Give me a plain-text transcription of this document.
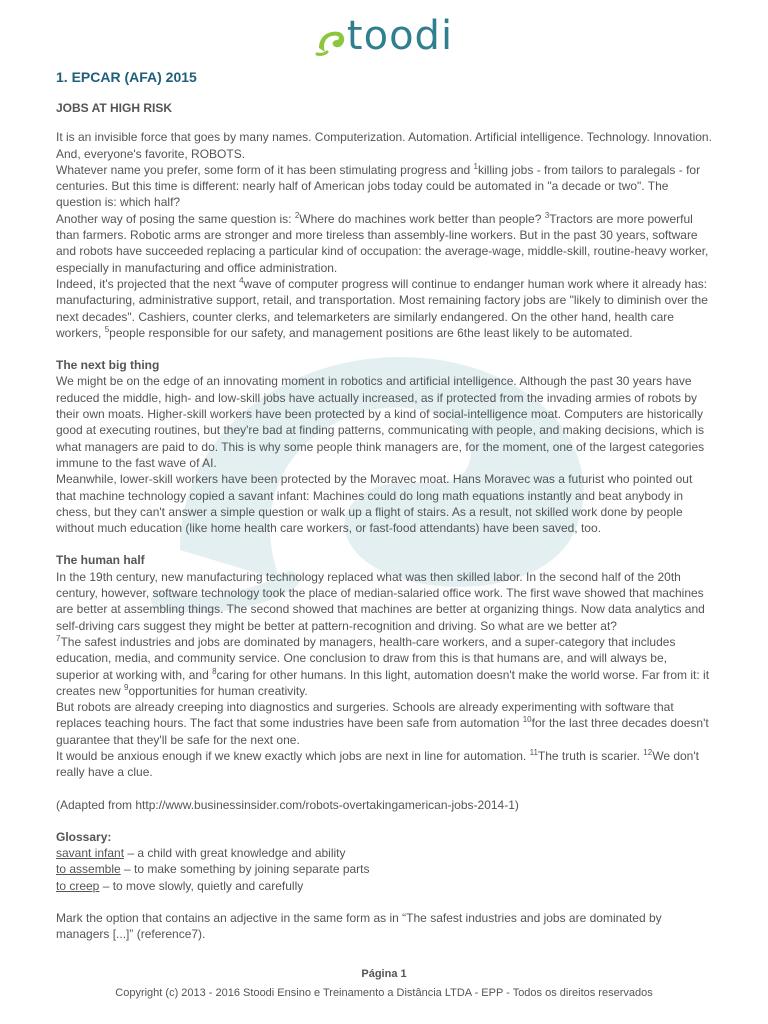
toodi
1. EPCAR (AFA) 2015
JOBS AT HIGH RISK

It is an invisible force that goes by many names. Computerization. Automation. Artificial intelligence. Technology. Innovation. And, everyone's favorite, ROBOTS.

Whatever name you prefer, some form of it has been stimulating progress and $^1$killing jobs - from tailors to paralegals - for centuries. But this time is different: nearly half of American jobs today could be automated in "a decade or two". The question is: which half?

Another way of posing the same question is: $^2$Where do machines work better than people? $^3$Tractors are more powerful than farmers. Robotic arms are stronger and more tireless than assembly-line workers. But in the past 30 years, software and robots have succeeded replacing a particular kind of occupation: the average-wage, middle-skill, routine-heavy worker, especially in manufacturing and office administration.

Indeed, it's projected that the next $^4$wave of computer progress will continue to endanger human work where it already has: manufacturing, administrative support, retail, and transportation. Most remaining factory jobs are "likely to diminish over the next decades". Cashiers, counter clerks, and telemarketers are similarly endangered. On the other hand, health care workers, $^5$people responsible for our safety, and management positions are 6the least likely to be automated.

The next big thing

We might be on the edge of an innovating moment in robotics and artificial intelligence. Although the past 30 years have reduced the middle, high- and low-skill jobs have actually increased, as if protected from the invading armies of robots by their own moats. Higher-skill workers have been protected by a kind of social-intelligence moat. Computers are historically good at executing routines, but they're bad at finding patterns, communicating with people, and making decisions, which is what managers are paid to do. This is why some people think managers are, for the moment, one of the largest categories immune to the fast wave of AI.

Meanwhile, lower-skill workers have been protected by the Moravec moat. Hans Moravec was a futurist who pointed out that machine technology copied a savant infant: Machines could do long math equations instantly and beat anybody in chess, but they can't answer a simple question or walk up a flight of stairs. As a result, not skilled work done by people without much education (like home health care workers, or fast-food attendants) have been saved, too.

The human half

In the 19th century, new manufacturing technology replaced what was then skilled labor. In the second half of the 20th century, however, software technology took the place of median-salaried office work. The first wave showed that machines are better at assembling things. The second showed that machines are better at organizing things. Now data analytics and self-driving cars suggest they might be better at pattern-recognition and driving. So what are we better at?

$^7$The safest industries and jobs are dominated by managers, health-care workers, and a super-category that includes education, media, and community service. One conclusion to draw from this is that humans are, and will always be, superior at working with, and $^8$caring for other humans. In this light, automation doesn't make the world worse. Far from it: it creates new $^9$opportunities for human creativity.

But robots are already creeping into diagnostics and surgeries. Schools are already experimenting with software that replaces teaching hours. The fact that some industries have been safe from automation $^{10}$for the last three decades doesn't guarantee that they'll be safe for the next one.

It would be anxious enough if we knew exactly which jobs are next in line for automation. $^{11}$The truth is scarier. $^{12}$We don't really have a clue.

(Adapted from http://www.businessinsider.com/robots-overtakingamerican-jobs-2014-1)

Glossary:

savant infant – a child with great knowledge and ability

to assemble – to make something by joining separate parts

to creep – to move slowly, quietly and carefully

Mark the option that contains an adjective in the same form as in “The safest industries and jobs are dominated by managers [...]” (reference7).

Página 1
Copyright (c) 2013 - 2016 Stoodi Ensino e Treinamento a Distância LTDA - EPP - Todos os direitos reservados
